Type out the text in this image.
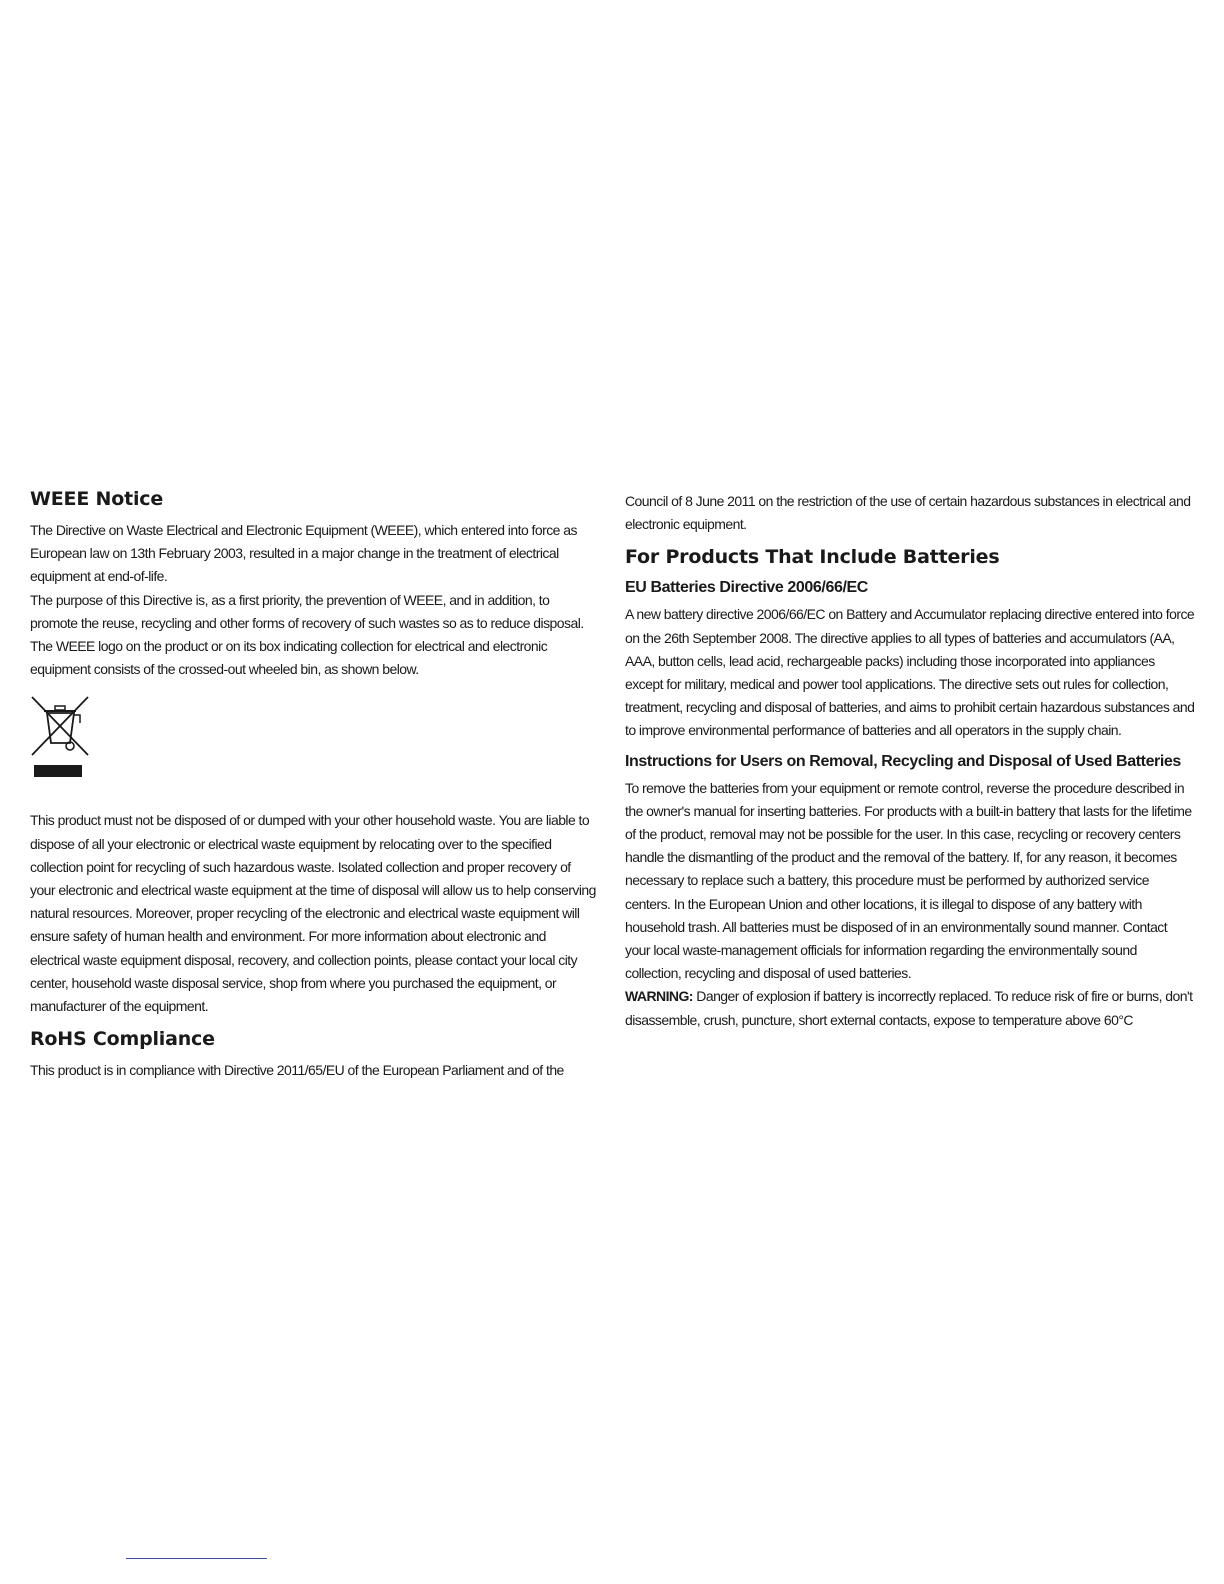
WEEE Notice

The Directive on Waste Electrical and Electronic Equipment (WEEE), which entered into force as European law on 13th February 2003, resulted in a major change in the treatment of electrical equipment at end-of-life.

The purpose of this Directive is, as a first priority, the prevention of WEEE, and in addition, to promote the reuse, recycling and other forms of recovery of such wastes so as to reduce disposal. The WEEE logo on the product or on its box indicating collection for electrical and electronic equipment consists of the crossed-out wheeled bin, as shown below.

This product must not be disposed of or dumped with your other household waste. You are liable to dispose of all your electronic or electrical waste equipment by relocating over to the specified collection point for recycling of such hazardous waste. Isolated collection and proper recovery of your electronic and electrical waste equipment at the time of disposal will allow us to help conserving natural resources. Moreover, proper recycling of the electronic and electrical waste equipment will ensure safety of human health and environment. For more information about electronic and electrical waste equipment disposal, recovery, and collection points, please contact your local city center, household waste disposal service, shop from where you purchased the equipment, or manufacturer of the equipment.

RoHS Compliance

This product is in compliance with Directive 2011/65/EU of the European Parliament and of the

Council of 8 June 2011 on the restriction of the use of certain hazardous substances in electrical and electronic equipment.

For Products That Include Batteries
EU Batteries Directive 2006/66/EC

A new battery directive 2006/66/EC on Battery and Accumulator replacing directive entered into force on the 26th September 2008. The directive applies to all types of batteries and accumulators (AA, AAA, button cells, lead acid, rechargeable packs) including those incorporated into appliances except for military, medical and power tool applications. The directive sets out rules for collection, treatment, recycling and disposal of batteries, and aims to prohibit certain hazardous substances and to improve environmental performance of batteries and all operators in the supply chain.

Instructions for Users on Removal, Recycling and Disposal of Used Batteries

To remove the batteries from your equipment or remote control, reverse the procedure described in the owner's manual for inserting batteries. For products with a built-in battery that lasts for the lifetime of the product, removal may not be possible for the user. In this case, recycling or recovery centers handle the dismantling of the product and the removal of the battery. If, for any reason, it becomes necessary to replace such a battery, this procedure must be performed by authorized service centers. In the European Union and other locations, it is illegal to dispose of any battery with household trash. All batteries must be disposed of in an environmentally sound manner. Contact your local waste-management officials for information regarding the environmentally sound collection, recycling and disposal of used batteries.

WARNING: Danger of explosion if battery is incorrectly replaced. To reduce risk of fire or burns, don't disassemble, crush, puncture, short external contacts, expose to temperature above 60°C
